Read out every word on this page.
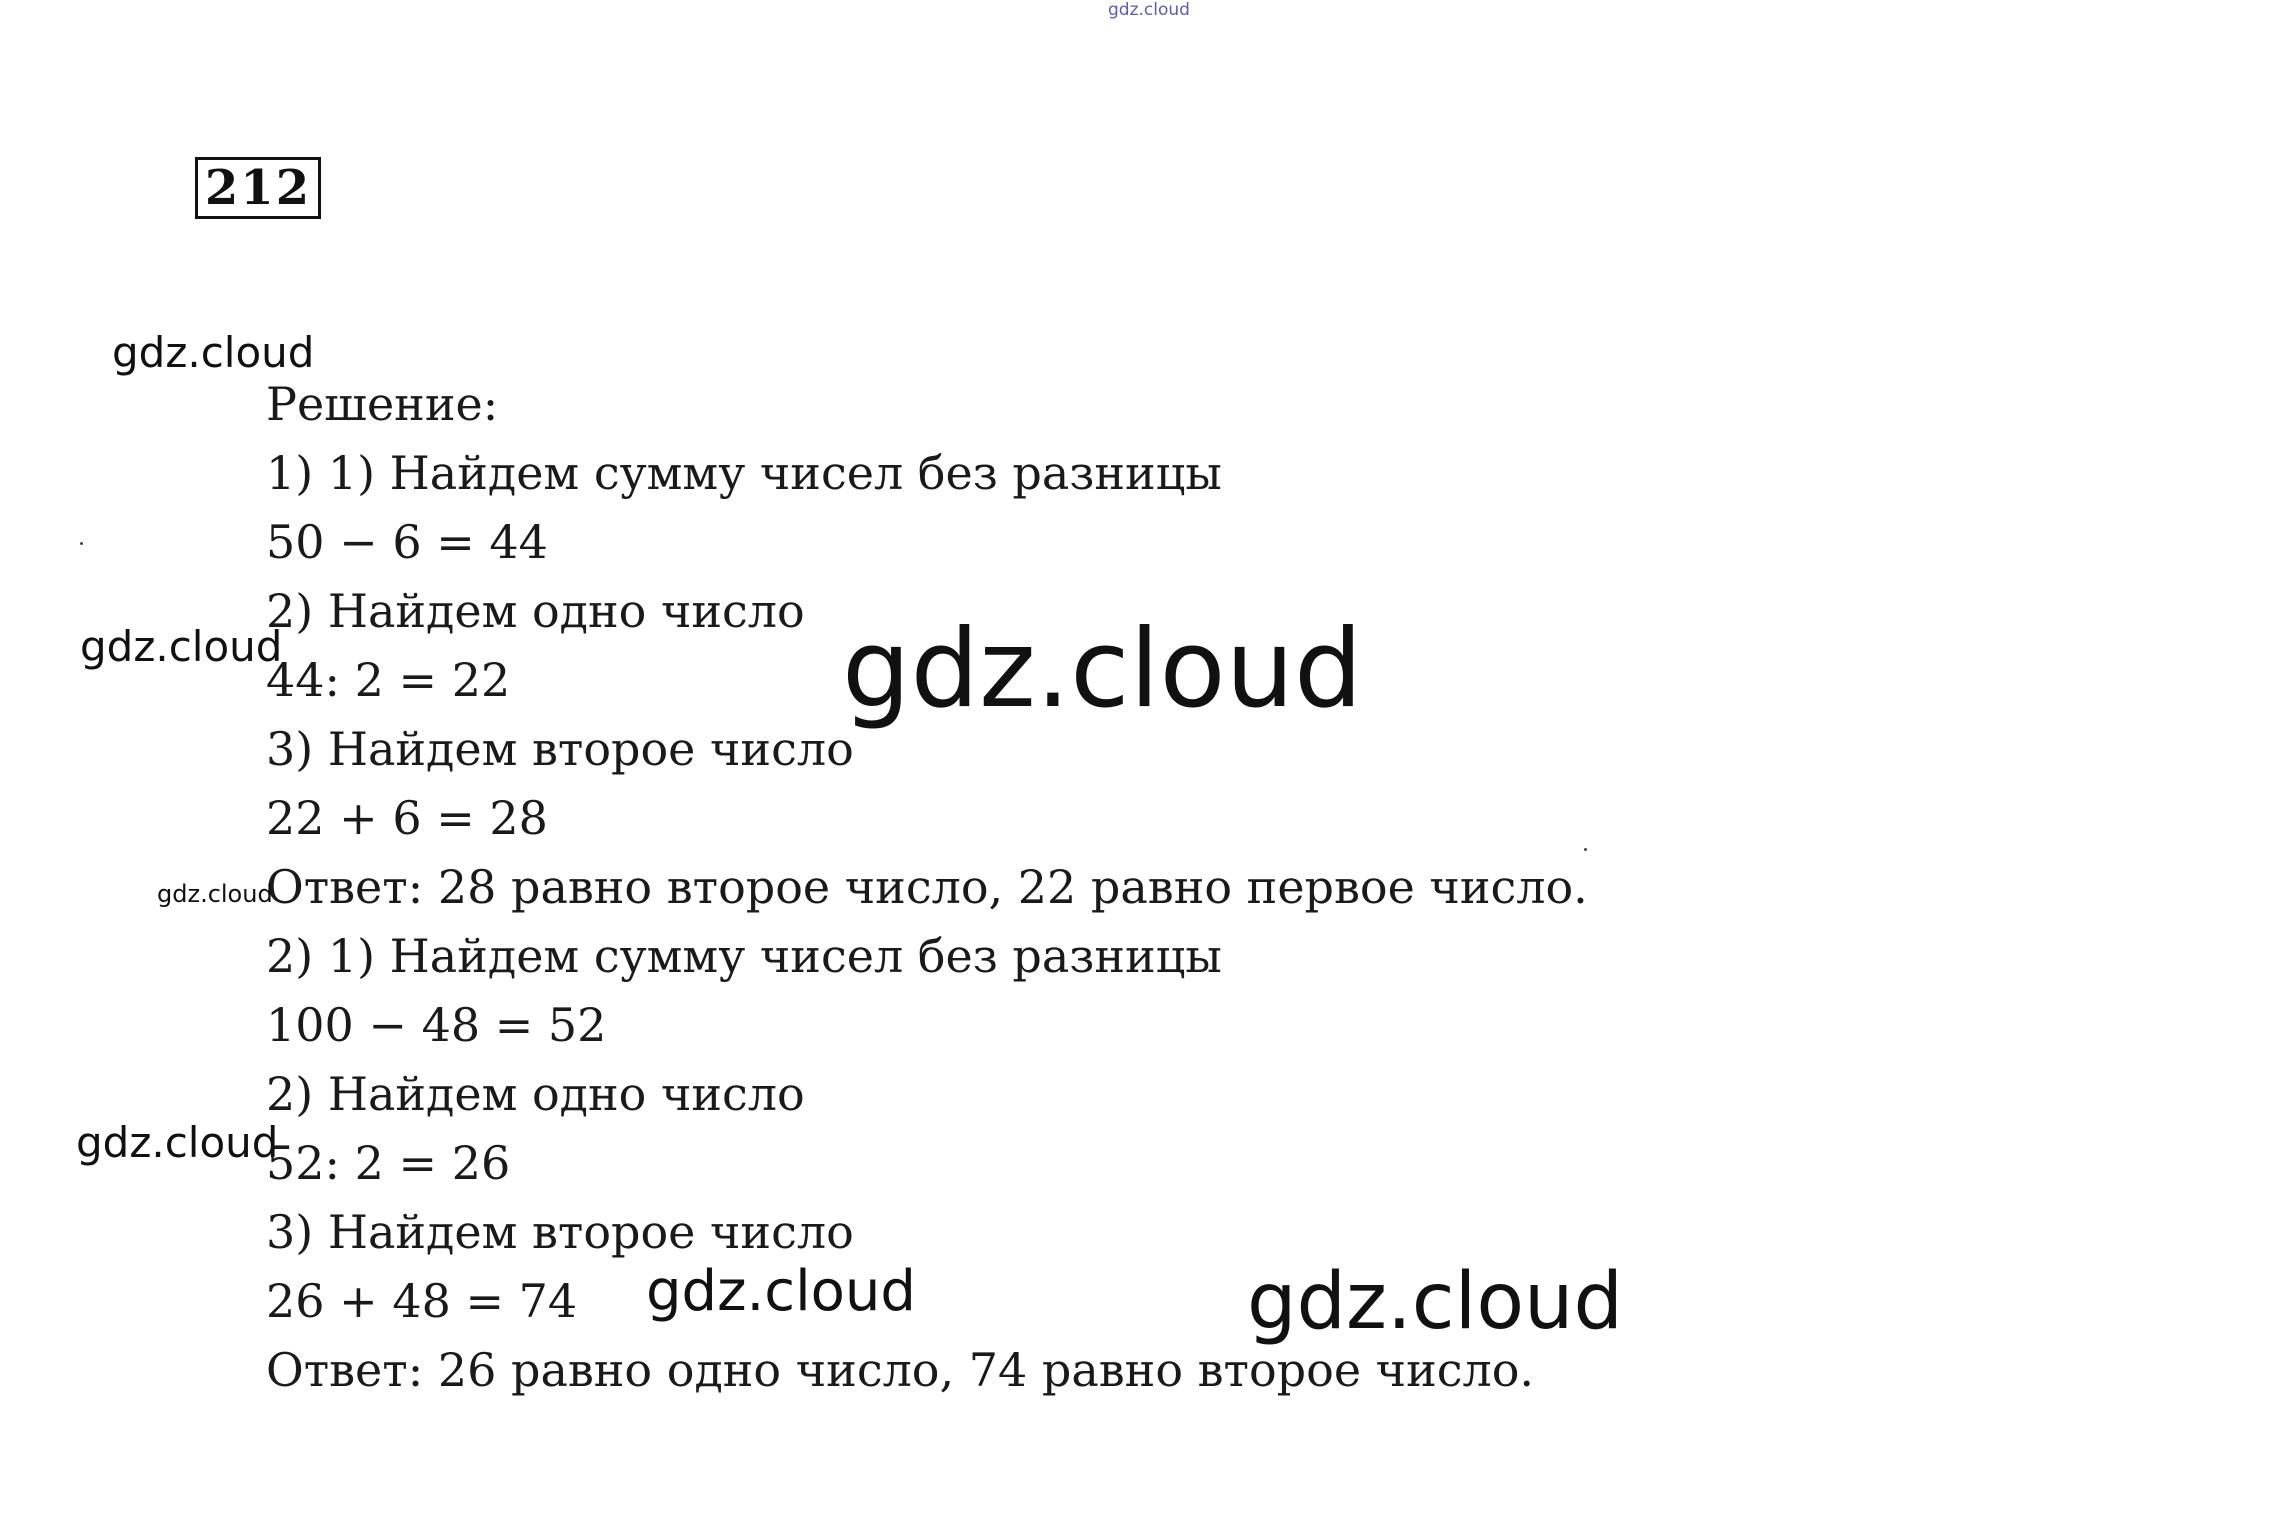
gdz.cloud
212
Решение:
1) 1) Найдем сумму чисел без разницы
50 − 6 = 44
2) Найдем одно число
44: 2 = 22
3) Найдем второе число
22 + 6 = 28
Ответ: 28 равно второе число, 22 равно первое число.
2) 1) Найдем сумму чисел без разницы
100 − 48 = 52
2) Найдем одно число
52: 2 = 26
3) Найдем второе число
26 + 48 = 74
Ответ: 26 равно одно число, 74 равно второе число.
gdz.cloud
gdz.cloud	gdz.cloud
gdz.cloud
gdz.cloud
gdz.cloud	gdz.cloud
